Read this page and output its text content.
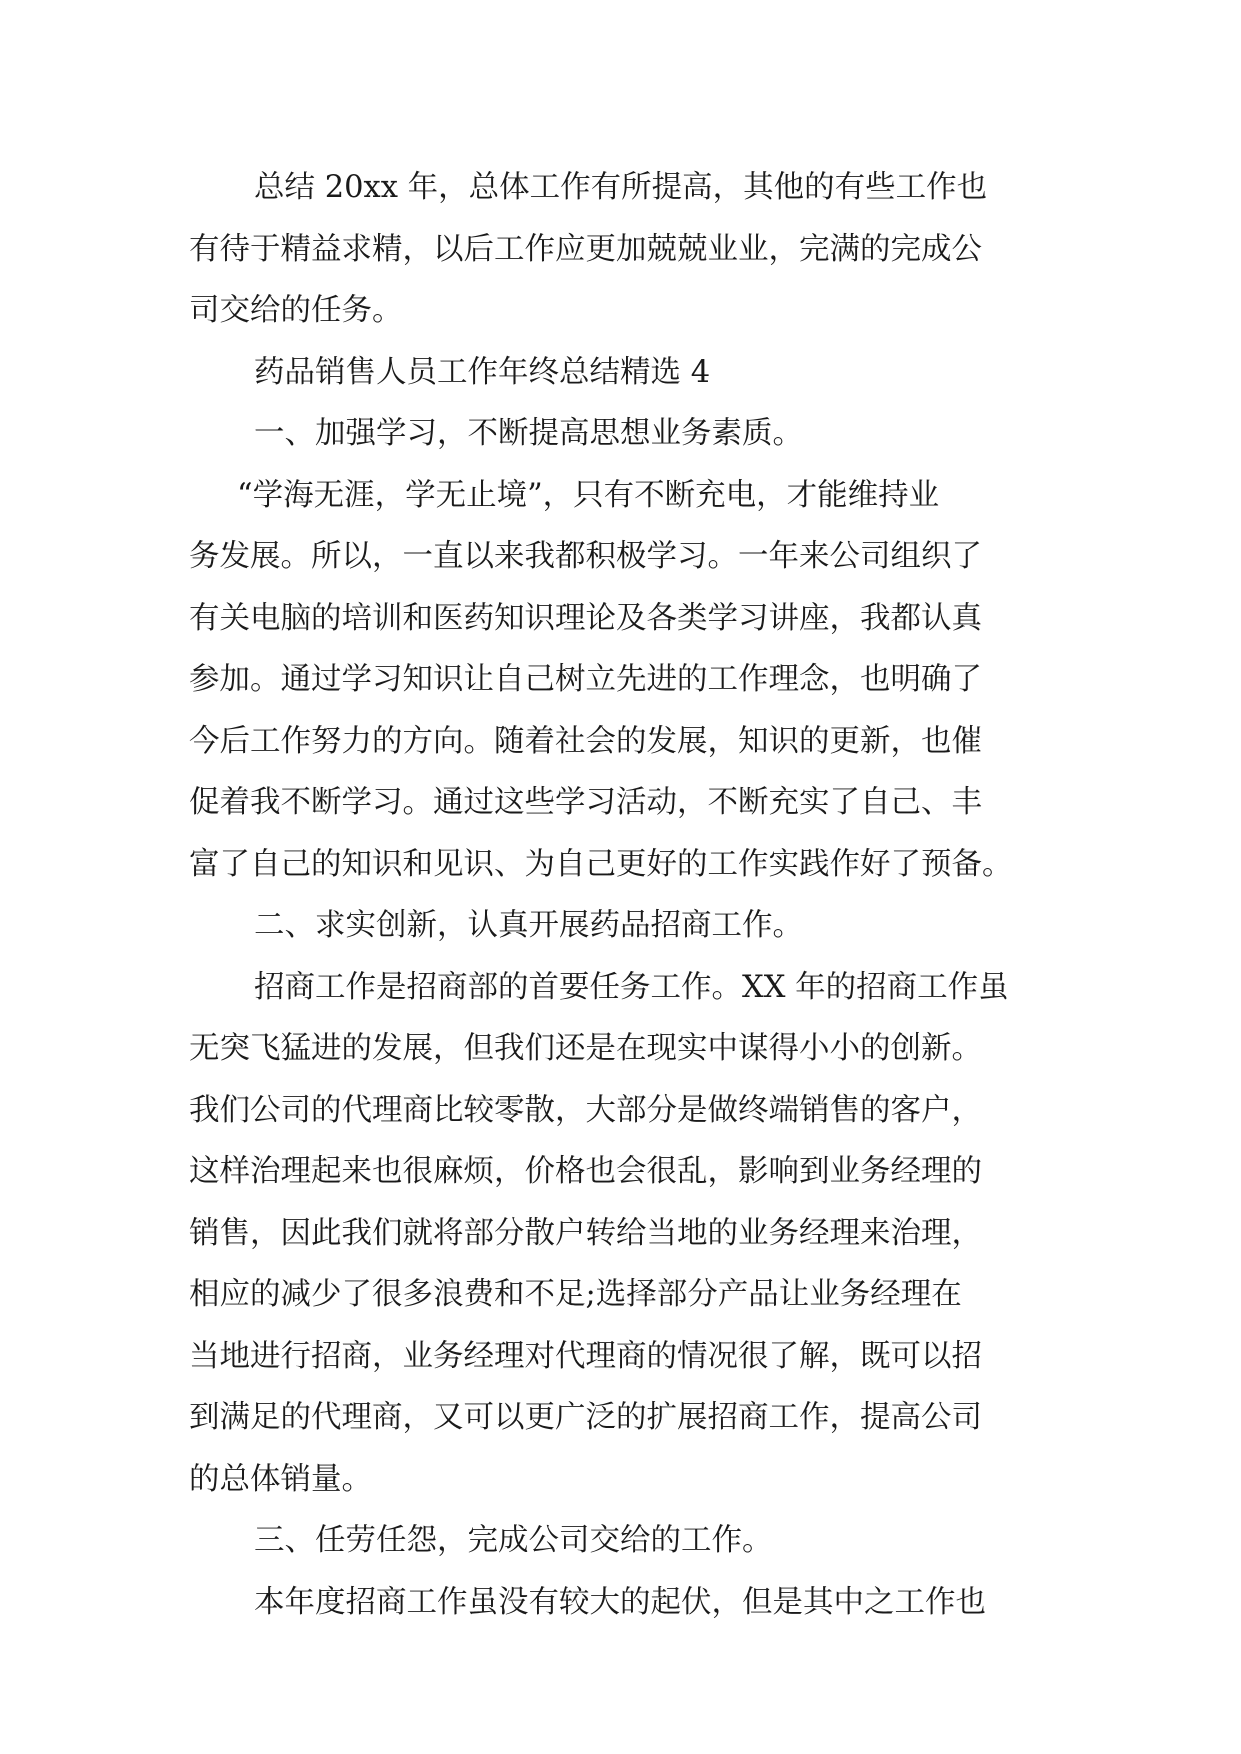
总结 20xx 年，总体工作有所提高，其他的有些工作也
有待于精益求精，以后工作应更加兢兢业业，完满的完成公
司交给的任务。
药品销售人员工作年终总结精选 4
一、加强学习，不断提高思想业务素质。
“学海无涯，学无止境”，只有不断充电，才能维持业
务发展。所以，一直以来我都积极学习。一年来公司组织了
有关电脑的培训和医药知识理论及各类学习讲座，我都认真
参加。通过学习知识让自己树立先进的工作理念，也明确了
今后工作努力的方向。随着社会的发展，知识的更新，也催
促着我不断学习。通过这些学习活动，不断充实了自己、丰
富了自己的知识和见识、为自己更好的工作实践作好了预备。
二、求实创新，认真开展药品招商工作。
招商工作是招商部的首要任务工作。XX 年的招商工作虽
无突飞猛进的发展，但我们还是在现实中谋得小小的创新。
我们公司的代理商比较零散，大部分是做终端销售的客户，
这样治理起来也很麻烦，价格也会很乱，影响到业务经理的
销售，因此我们就将部分散户转给当地的业务经理来治理，
相应的减少了很多浪费和不足;选择部分产品让业务经理在
当地进行招商，业务经理对代理商的情况很了解，既可以招
到满足的代理商，又可以更广泛的扩展招商工作，提高公司
的总体销量。
三、任劳任怨，完成公司交给的工作。
本年度招商工作虽没有较大的起伏，但是其中之工作也
